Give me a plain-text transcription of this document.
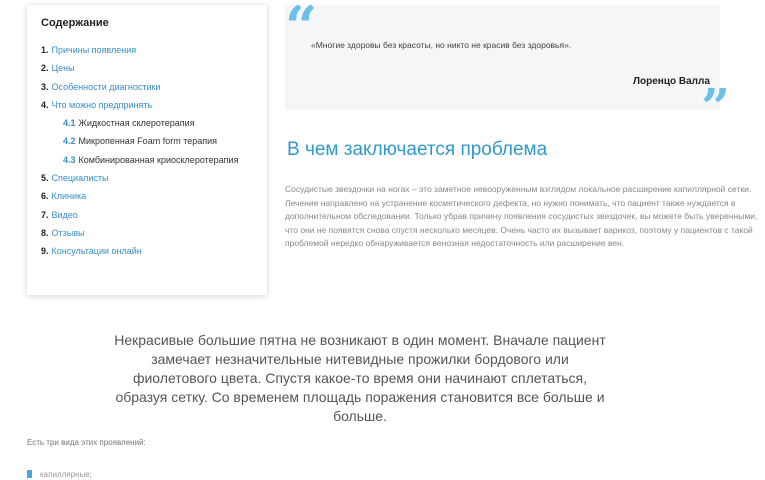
Содержание
1. Причины появления
2. Цены
3. Особенности диагностики
4. Что можно предпринять
4.1 Жидкостная склеротерапия
4.2 Микропенная Foam form терапия
4.3 Комбинированная криосклеротерапия
5. Специалисты
6. Клиника
7. Видео
8. Отзывы
9. Консультации онлайн
“
«Многие здоровы без красоты, но никто не красив без здоровья».
Лоренцо Валла
”
В чем заключается проблема

Сосудистые звездочки на ногах – это заметное невооруженным взглядом локальное расширение капиллярной сетки. Лечение направлено на устранение косметического дефекта, но нужно понимать, что пациент также нуждается в дополнительном обследовании. Только убрав причину появления сосудистых звездочек, вы можете быть уверенными, что они не появятся снова спустя несколько месяцев. Очень часто их вызывает варикоз, поэтому у пациентов с такой проблемой нередко обнаруживается венозная недостаточность или расширение вен.

Некрасивые большие пятна не возникают в один момент. Вначале пациент замечает незначительные нитевидные прожилки бордового или фиолетового цвета. Спустя какое-то время они начинают сплетаться, образуя сетку. Со временем площадь поражения становится все больше и больше.

Есть три вида этих проявлений:

капиллярные;
